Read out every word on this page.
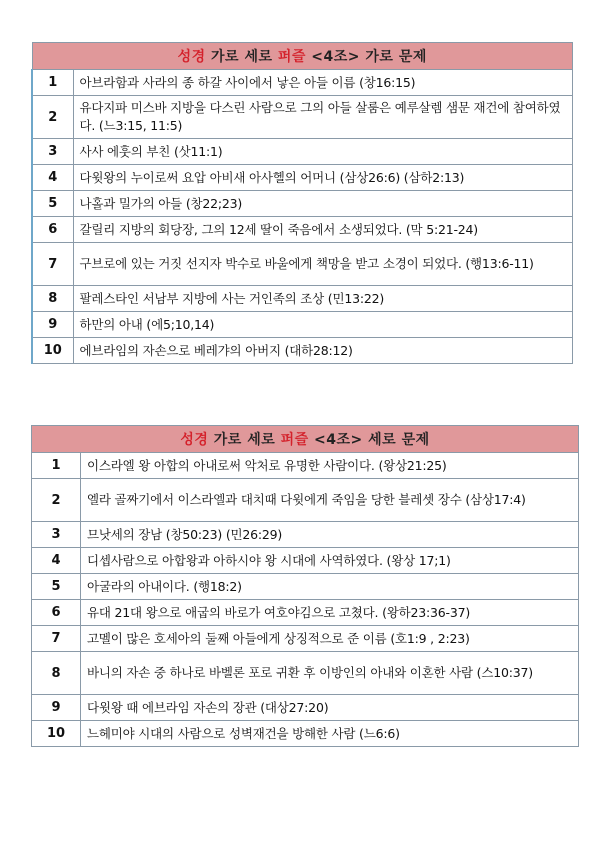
성경 가로 세로 퍼즐 <4조> 가로 문제	
1	아브라함과 사라의 종 하갈 사이에서 낳은 아들 이름 (창16:15)
2	유다지파 미스바 지방을 다스린 사람으로 그의 아들 살룸은 예루살렘 샘문 재건에 참여하였다. (느3:15, 11:5)
3	사사 에훗의 부친 (삿11:1)
4	다윗왕의 누이로써 요압 아비새 아사헬의 어머니 (삼상26:6) (삼하2:13)
5	나홀과 밀가의 아들 (창22;23)
6	갈릴리 지방의 회당장, 그의 12세 딸이 죽음에서 소생되었다. (막 5:21-24)
7	구브로에 있는 거짓 선지자 박수로 바울에게 책망을 받고 소경이 되었다. (행13:6-11)
8	팔레스타인 서남부 지방에 사는 거인족의 조상 (민13:22)
9	하만의 아내 (에5;10,14)
10	에브라임의 자손으로 베레갸의 아버지 (대하28:12)
성경 가로 세로 퍼즐 <4조> 세로 문제	
1	이스라엘 왕 아합의 아내로써 악처로 유명한 사람이다. (왕상21:25)
2	엘라 골짜기에서 이스라엘과 대치때 다윗에게 죽임을 당한 블레셋 장수 (삼상17:4)
3	므낫세의 장남 (창50:23) (민26:29)
4	디셉사람으로 아합왕과 아하시야 왕 시대에 사역하였다. (왕상 17;1)
5	아굴라의 아내이다. (행18:2)
6	유대 21대 왕으로 애굽의 바로가 여호야김으로 고쳤다. (왕하23:36-37)
7	고멜이 많은 호세아의 둘째 아들에게 상징적으로 준 이름 (호1:9 , 2:23)
8	바니의 자손 중 하나로 바벨론 포로 귀환 후 이방인의 아내와 이혼한 사람 (스10:37)
9	다윗왕 때 에브라임 자손의 장관 (대상27:20)
10	느헤미야 시대의 사람으로 성벽재건을 방해한 사람 (느6:6)
